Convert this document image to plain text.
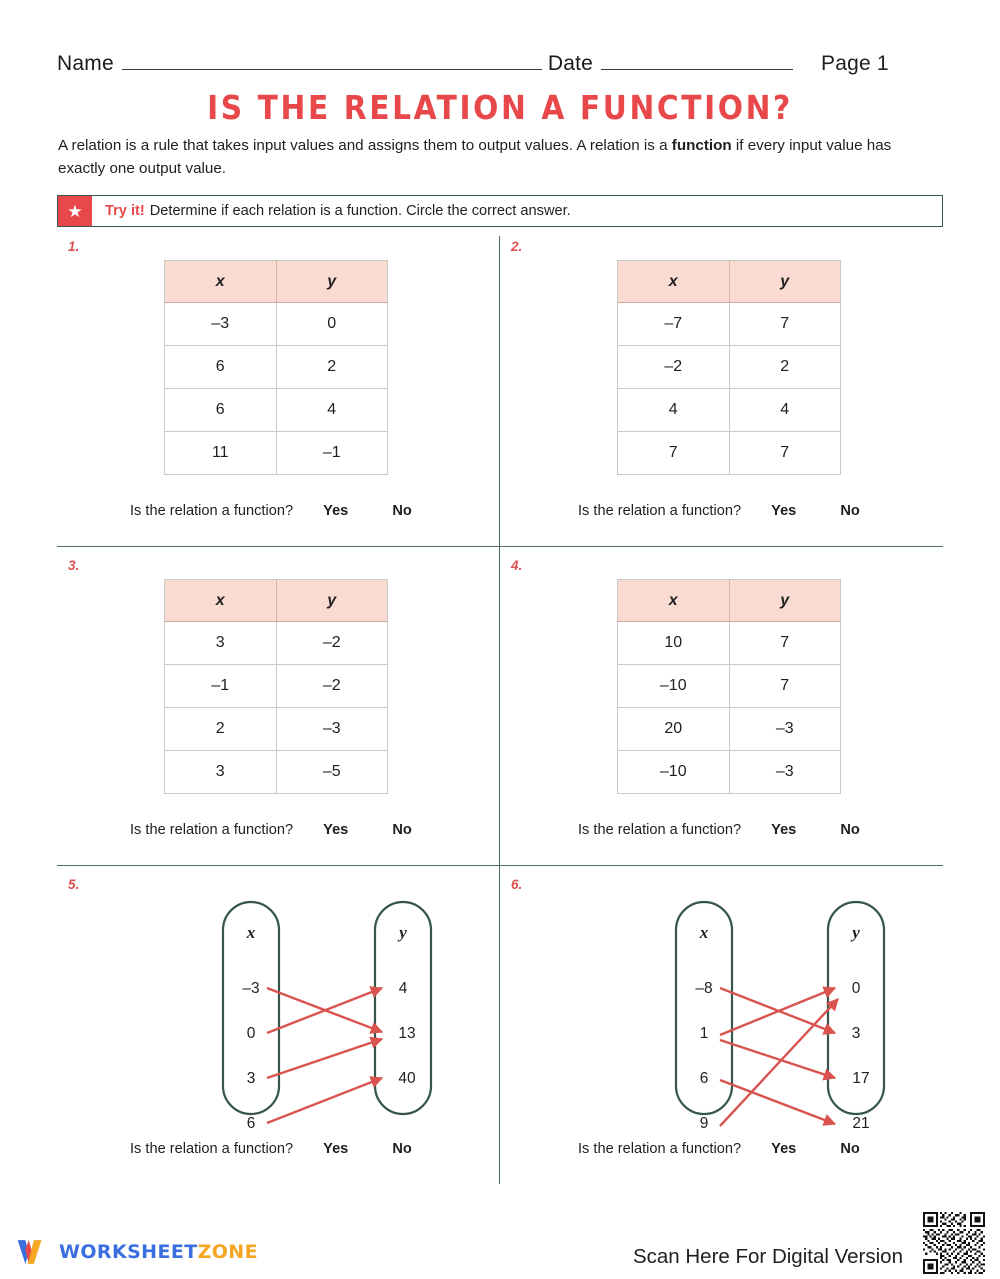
Name	Date	Page 1
IS THE RELATION A FUNCTION?
A relation is a rule that takes input values and assigns them to output values. A relation is a function if every input value has exactly one output value.
★	Try it! Determine if each relation is a function. Circle the correct answer.
1.
x	y
–3	0
6	2
6	4
11	–1
Is the relation a function? Yes	No
2.
x	y
–7	7
–2	2
4	4
7	7
Is the relation a function? Yes	No
3.
x	y
3	–2
–1	–2
2	–3
3	–5
Is the relation a function? Yes	No
4.
x	y
10	7
–10	7
20	–3
–10	–3
Is the relation a function? Yes	No
5.
x	y
–3
0
3
6
4
13
40
Is the relation a function? Yes	No
6.
x	y
–8
1
6
9
0
3
17
21
Is the relation a function? Yes	No
WORKSHEETZONE	Scan Here For Digital Version
